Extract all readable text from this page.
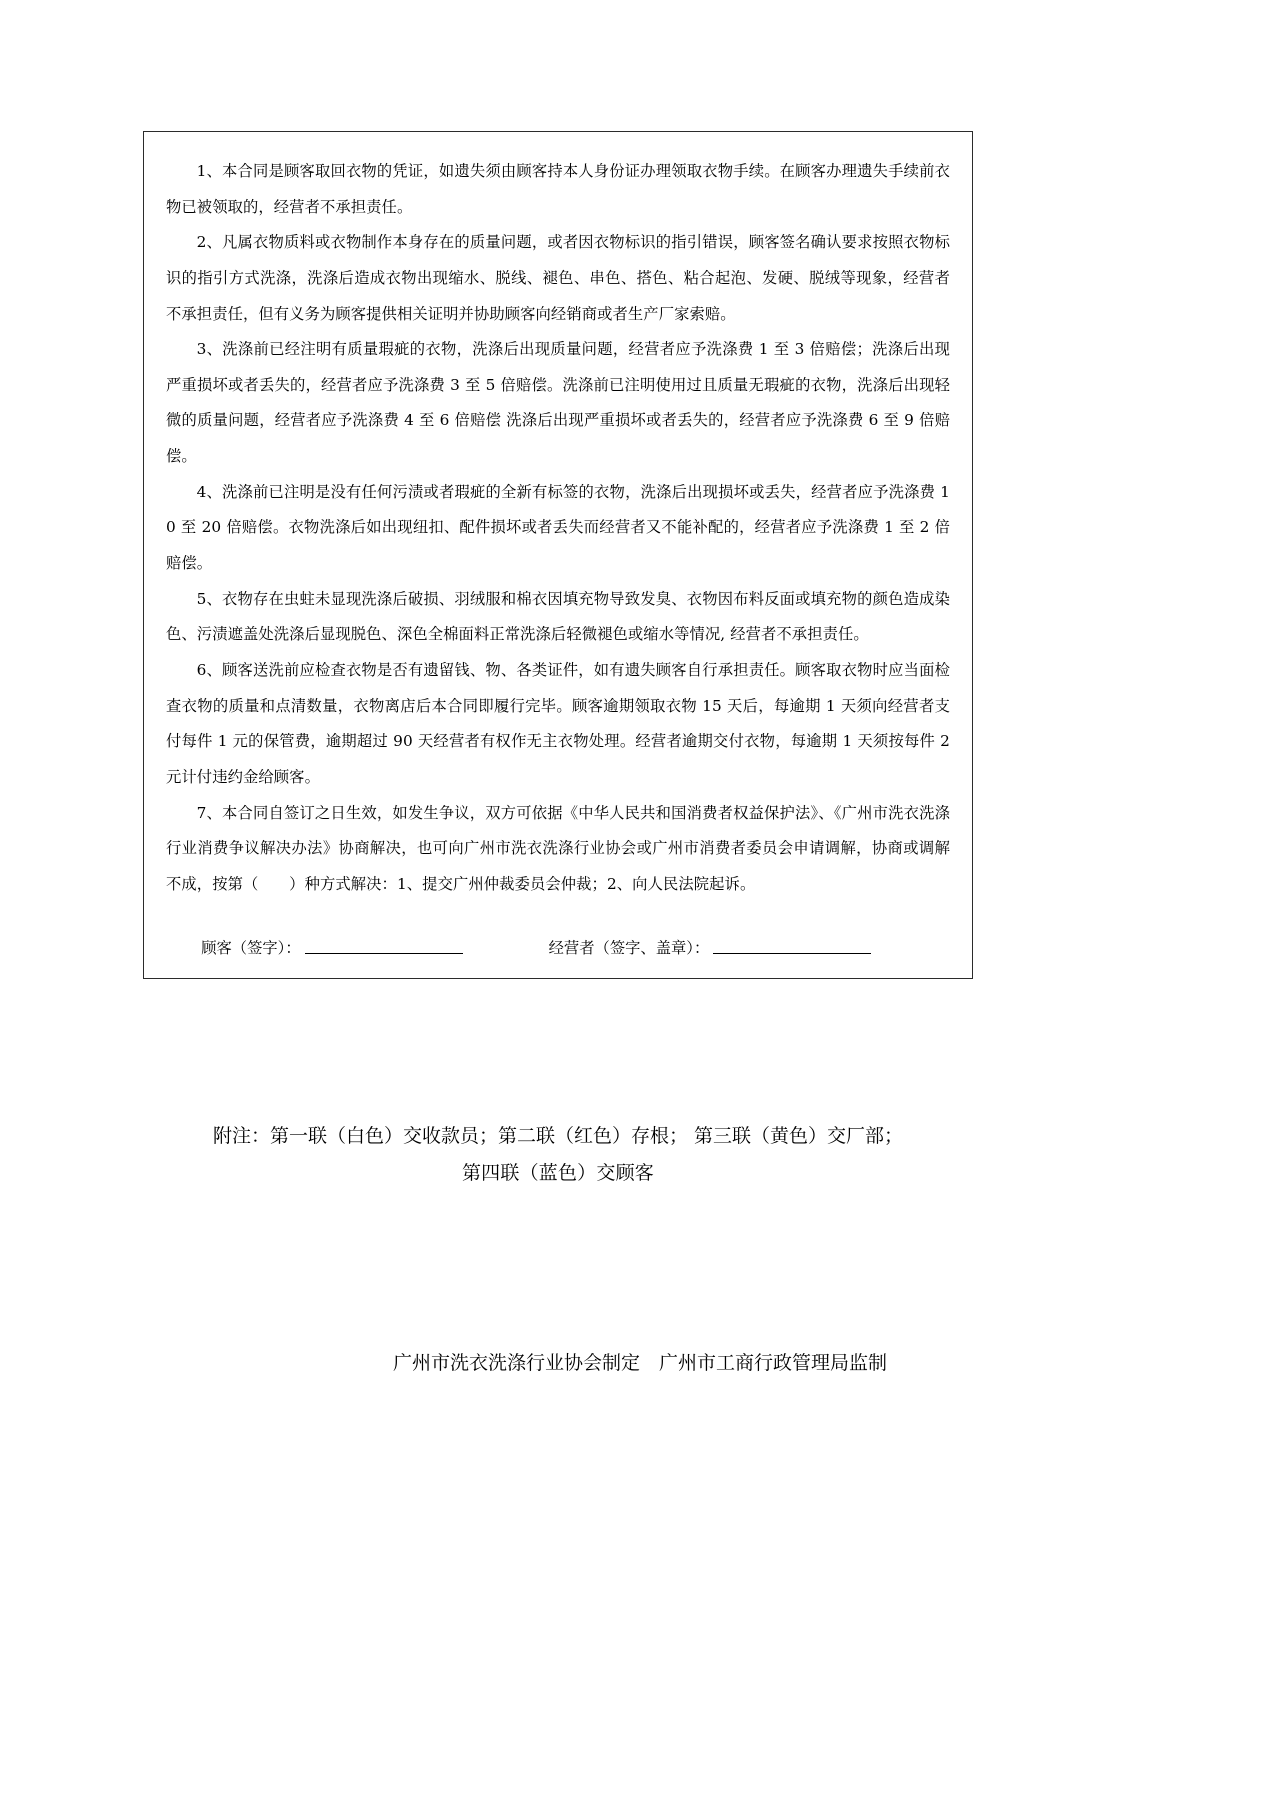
1、本合同是顾客取回衣物的凭证，如遗失须由顾客持本人身份证办理领取衣物手续。在顾客办理遗失手续前衣物已被领取的，经营者不承担责任。

2、凡属衣物质料或衣物制作本身存在的质量问题，或者因衣物标识的指引错误，顾客签名确认要求按照衣物标识的指引方式洗涤，洗涤后造成衣物出现缩水、脱线、褪色、串色、搭色、粘合起泡、发硬、脱绒等现象，经营者不承担责任，但有义务为顾客提供相关证明并协助顾客向经销商或者生产厂家索赔。

3、洗涤前已经注明有质量瑕疵的衣物，洗涤后出现质量问题，经营者应予洗涤费 1 至 3 倍赔偿；洗涤后出现严重损坏或者丢失的，经营者应予洗涤费 3 至 5 倍赔偿。洗涤前已注明使用过且质量无瑕疵的衣物，洗涤后出现轻微的质量问题，经营者应予洗涤费 4 至 6 倍赔偿 洗涤后出现严重损坏或者丢失的，经营者应予洗涤费 6 至 9 倍赔偿。

4、洗涤前已注明是没有任何污渍或者瑕疵的全新有标签的衣物，洗涤后出现损坏或丢失，经营者应予洗涤费 10 至 20 倍赔偿。衣物洗涤后如出现纽扣、配件损坏或者丢失而经营者又不能补配的，经营者应予洗涤费 1 至 2 倍赔偿。

5、衣物存在虫蛀未显现洗涤后破损、羽绒服和棉衣因填充物导致发臭、衣物因布料反面或填充物的颜色造成染色、污渍遮盖处洗涤后显现脱色、深色全棉面料正常洗涤后轻微褪色或缩水等情况, 经营者不承担责任。

6、顾客送洗前应检查衣物是否有遗留钱、物、各类证件，如有遗失顾客自行承担责任。顾客取衣物时应当面检查衣物的质量和点清数量，衣物离店后本合同即履行完毕。顾客逾期领取衣物 15 天后，每逾期 1 天须向经营者支付每件 1 元的保管费，逾期超过 90 天经营者有权作无主衣物处理。经营者逾期交付衣物，每逾期 1 天须按每件 2 元计付违约金给顾客。

7、本合同自签订之日生效，如发生争议，双方可依据《中华人民共和国消费者权益保护法》、《广州市洗衣洗涤行业消费争议解决办法》协商解决，也可向广州市洗衣洗涤行业协会或广州市消费者委员会申请调解，协商或调解不成，按第（　　）种方式解决：1、提交广州仲裁委员会仲裁；2、向人民法院起诉。

顾客（签字）：	经营者（签字、盖章）：
附注：第一联（白色）交收款员；第二联（红色）存根； 第三联（黄色）交厂部；
第四联（蓝色）交顾客
广州市洗衣洗涤行业协会制定　广州市工商行政管理局监制
